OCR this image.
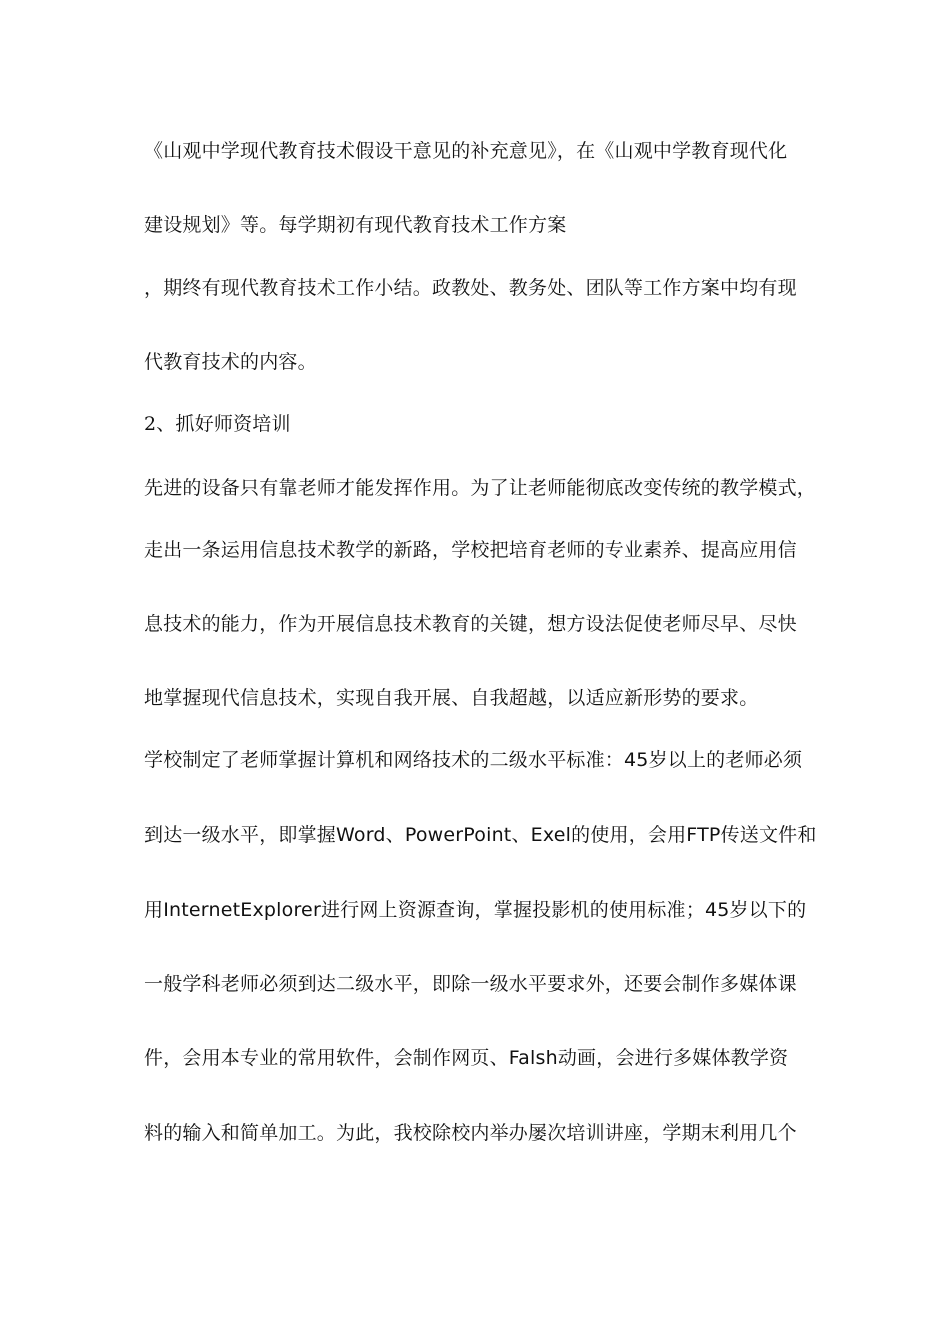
《山观中学现代教育技术假设干意见的补充意见》，在《山观中学教育现代化
建设规划》等。每学期初有现代教育技术工作方案
，期终有现代教育技术工作小结。政教处、教务处、团队等工作方案中均有现
代教育技术的内容。
2、抓好师资培训
先进的设备只有靠老师才能发挥作用。为了让老师能彻底改变传统的教学模式，
走出一条运用信息技术教学的新路，学校把培育老师的专业素养、提高应用信
息技术的能力，作为开展信息技术教育的关键，想方设法促使老师尽早、尽快
地掌握现代信息技术，实现自我开展、自我超越，以适应新形势的要求。
学校制定了老师掌握计算机和网络技术的二级水平标准：45岁以上的老师必须
到达一级水平，即掌握Word、PowerPoint、Exel的使用，会用FTP传送文件和
用InternetExplorer进行网上资源查询，掌握投影机的使用标准；45岁以下的
一般学科老师必须到达二级水平，即除一级水平要求外，还要会制作多媒体课
件，会用本专业的常用软件，会制作网页、Falsh动画，会进行多媒体教学资
料的输入和简单加工。为此，我校除校内举办屡次培训讲座，学期末利用几个
